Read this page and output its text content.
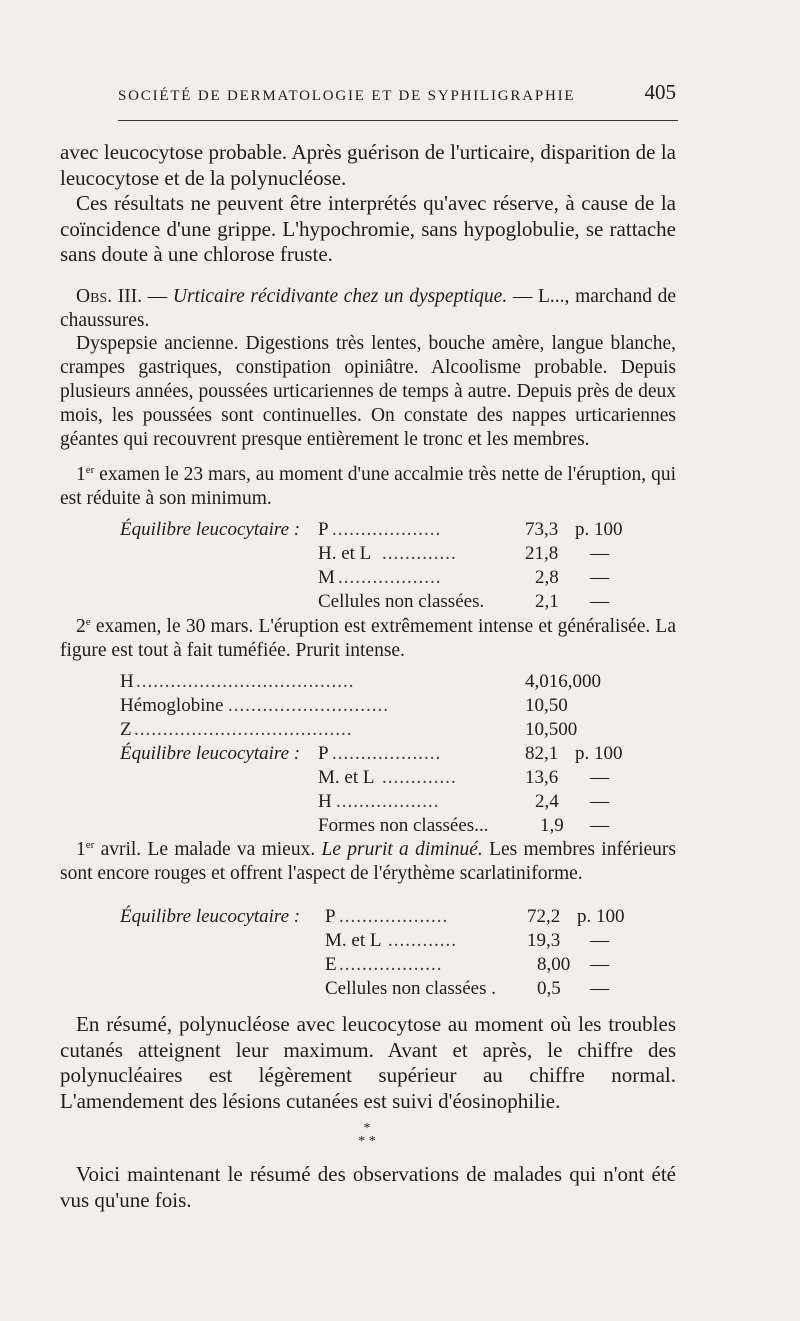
SOCIÉTÉ DE DERMATOLOGIE ET DE SYPHILIGRAPHIE	405

avec leucocytose probable. Après guérison de l'urticaire, disparition de la leucocytose et de la polynucléose.

Ces résultats ne peuvent être interprétés qu'avec réserve, à cause de la coïncidence d'une grippe. L'hypochromie, sans hypoglobulie, se rattache sans doute à une chlorose fruste.

Obs. III. — Urticaire récidivante chez un dyspeptique. — L..., marchand de chaussures.

Dyspepsie ancienne. Digestions très lentes, bouche amère, langue blanche, crampes gastriques, constipation opiniâtre. Alcoolisme probable. Depuis plusieurs années, poussées urticariennes de temps à autre. Depuis près de deux mois, les poussées sont continuelles. On constate des nappes urticariennes géantes qui recouvrent presque entièrement le tronc et les membres.

1er examen le 23 mars, au moment d'une accalmie très nette de l'éruption, qui est réduite à son minimum.

Équilibre leucocytaire : P ...................	73,3 p. 100
H. et L .............	21,8 —
M ..................	2,8 —
Cellules non classées.	2,1 —

2e examen, le 30 mars. L'éruption est extrêmement intense et généralisée. La figure est tout à fait tuméfiée. Prurit intense.

H ......................................	4,016,000
Hémoglobine ............................	10,50
Z ......................................	10,500
Équilibre leucocytaire : P ...................	82,1 p. 100
M. et L .............	13,6 —
H ..................	2,4 —
Formes non classées...	1,9 —

1er avril. Le malade va mieux. Le prurit a diminué. Les membres inférieurs sont encore rouges et offrent l'aspect de l'érythème scarlatiniforme.

Équilibre leucocytaire : P ...................	72,2 p. 100
M. et L ............	19,3 —
E ..................	8,00 —
Cellules non classées . 0,5 —

En résumé, polynucléose avec leucocytose au moment où les troubles cutanés atteignent leur maximum. Avant et après, le chiffre des polynucléaires est légèrement supérieur au chiffre normal. L'amendement des lésions cutanées est suivi d'éosinophilie.

*
* *

Voici maintenant le résumé des observations de malades qui n'ont été vus qu'une fois.
